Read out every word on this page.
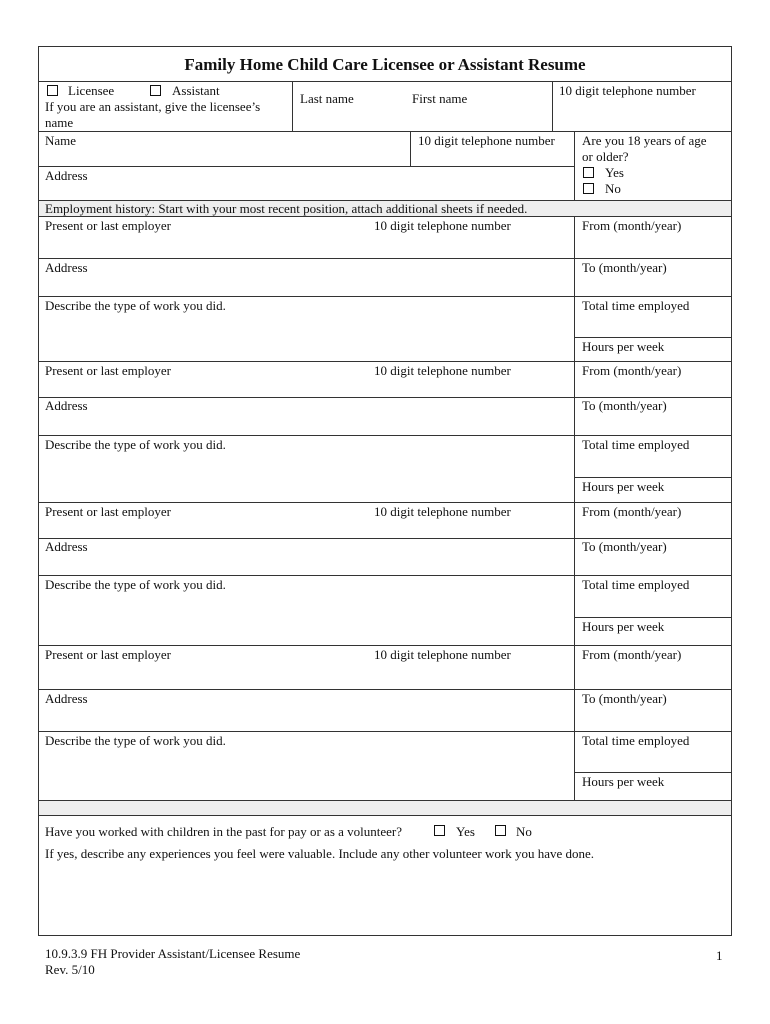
Family Home Child Care Licensee or Assistant Resume
Licensee	Assistant
If you are an assistant, give the licensee’s
name
Last name	First name
10 digit telephone number
Name	10 digit telephone number
Address
Are you 18 years of age
or older?
Yes
No
Employment history: Start with your most recent position, attach additional sheets if needed.
Present or last employer	10 digit telephone number	From (month/year)
Address	To (month/year)
Describe the type of work you did.	Total time employed
Hours per week
Present or last employer	10 digit telephone number	From (month/year)
Address	To (month/year)
Describe the type of work you did.	Total time employed
Hours per week
Present or last employer	10 digit telephone number	From (month/year)
Address	To (month/year)
Describe the type of work you did.	Total time employed
Hours per week
Present or last employer	10 digit telephone number	From (month/year)
Address	To (month/year)
Describe the type of work you did.	Total time employed
Hours per week
Have you worked with children in the past for pay or as a volunteer?	Yes	No
If yes, describe any experiences you feel were valuable. Include any other volunteer work you have done.
10.9.3.9 FH Provider Assistant/Licensee Resume
Rev. 5/10
1
